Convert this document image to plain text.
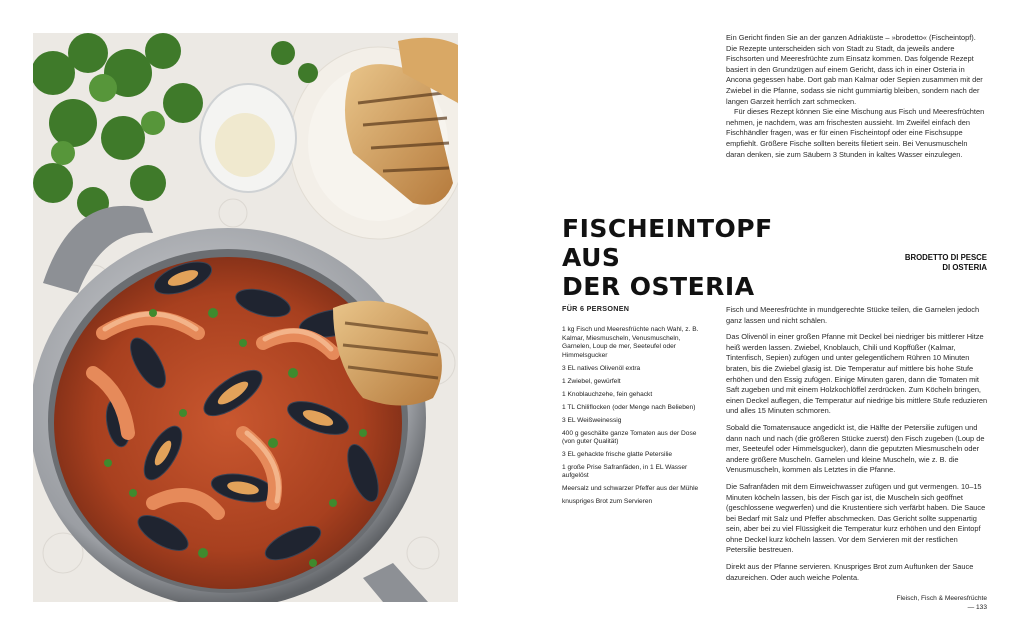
Ein Gericht finden Sie an der ganzen Adriaküste – »brodetto« (Fischeintopf). Die Rezepte unterscheiden sich von Stadt zu Stadt, da jeweils andere Fischsorten und Meeresfrüchte zum Einsatz kommen. Das folgende Rezept basiert in den Grundzügen auf einem Gericht, dass ich in einer Osteria in Ancona gegessen habe. Dort gab man Kalmar oder Sepien zusammen mit der Zwiebel in die Pfanne, sodass sie nicht gummiartig bleiben, sondern nach der langen Garzeit herrlich zart schmecken.

Für dieses Rezept können Sie eine Mischung aus Fisch und Meeresfrüchten nehmen, je nachdem, was am frischesten aussieht. Im Zweifel einfach den Fischhändler fragen, was er für einen Fischeintopf oder eine Fischsuppe empfiehlt. Größere Fische sollten bereits filetiert sein. Bei Venusmuscheln daran denken, sie zum Säubern 3 Stunden in kaltes Wasser einzulegen.

FISCHEINTOPF AUS
DER OSTERIA
BRODETTO DI PESCE
DI OSTERIA
FÜR 6 PERSONEN
1 kg Fisch und Meeresfrüchte nach Wahl, z. B. Kalmar, Miesmuscheln, Venusmuscheln, Garnelen, Loup de mer, Seeteufel oder Himmelsgucker
3 EL natives Olivenöl extra
1 Zwiebel, gewürfelt
1 Knoblauchzehe, fein gehackt
1 TL Chiliflocken (oder Menge nach Belieben)
3 EL Weißweinessig
400 g geschälte ganze Tomaten aus der Dose (von guter Qualität)
3 EL gehackte frische glatte Petersilie
1 große Prise Safranfäden, in 1 EL Wasser aufgelöst
Meersalz und schwarzer Pfeffer aus der Mühle
knuspriges Brot zum Servieren

Fisch und Meeresfrüchte in mundgerechte Stücke teilen, die Garnelen jedoch ganz lassen und nicht schälen.

Das Olivenöl in einer großen Pfanne mit Deckel bei niedriger bis mittlerer Hitze heiß werden lassen. Zwiebel, Knoblauch, Chili und Kopffüßer (Kalmar, Tintenfisch, Sepien) zufügen und unter gelegentlichem Rühren 10 Minuten braten, bis die Zwiebel glasig ist. Die Temperatur auf mittlere bis hohe Stufe erhöhen und den Essig zufügen. Einige Minuten garen, dann die Tomaten mit Saft zugeben und mit einem Holzkochlöffel zerdrücken. Zum Köcheln bringen, einen Deckel auflegen, die Temperatur auf niedrige bis mittlere Stufe reduzieren und alles 15 Minuten schmoren.

Sobald die Tomatensauce angedickt ist, die Hälfte der Petersilie zufügen und dann nach und nach (die größeren Stücke zuerst) den Fisch zugeben (Loup de mer, Seeteufel oder Himmelsgucker), dann die geputzten Miesmuscheln oder andere größere Muscheln. Garnelen und kleine Muscheln, wie z. B. die Venusmuscheln, kommen als Letztes in die Pfanne.

Die Safranfäden mit dem Einweichwasser zufügen und gut vermengen. 10–15 Minuten köcheln lassen, bis der Fisch gar ist, die Muscheln sich geöffnet (geschlossene wegwerfen) und die Krustentiere sich verfärbt haben. Die Sauce bei Bedarf mit Salz und Pfeffer abschmecken. Das Gericht sollte suppenartig sein, aber bei zu viel Flüssigkeit die Temperatur kurz erhöhen und den Eintopf ohne Deckel kurz köcheln lassen. Vor dem Servieren mit der restlichen Petersilie bestreuen.

Direkt aus der Pfanne servieren. Knuspriges Brot zum Auftunken der Sauce dazureichen. Oder auch weiche Polenta.

Fleisch, Fisch & Meeresfrüchte
— 133
